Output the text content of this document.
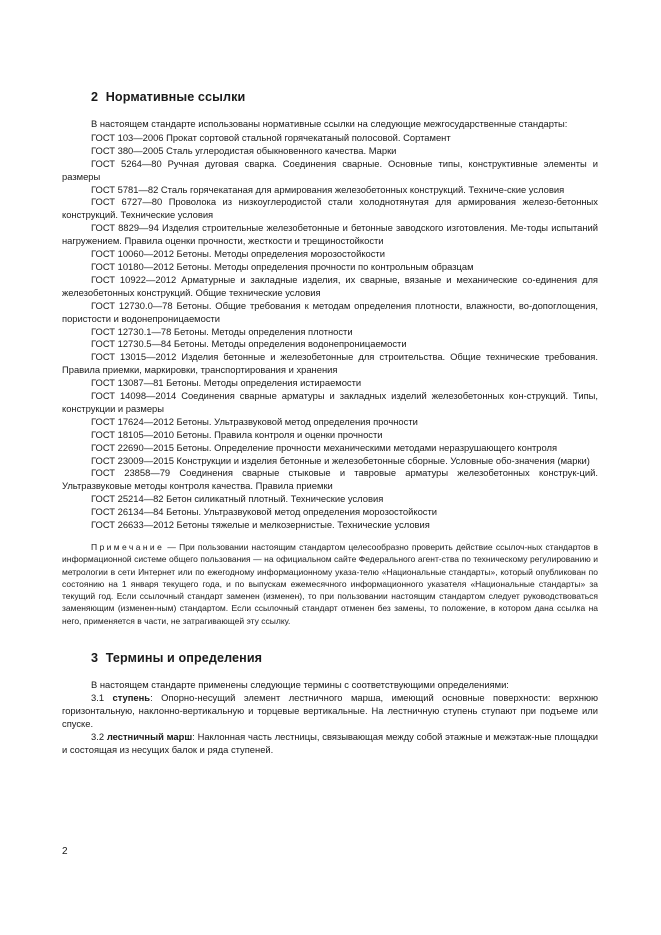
2 Нормативные ссылки

В настоящем стандарте использованы нормативные ссылки на следующие межгосударственные стандарты:

ГОСТ 103—2006 Прокат сортовой стальной горячекатаный полосовой. Сортамент

ГОСТ 380—2005 Сталь углеродистая обыкновенного качества. Марки

ГОСТ 5264—80 Ручная дуговая сварка. Соединения сварные. Основные типы, конструктивные элементы и размеры

ГОСТ 5781—82 Сталь горячекатаная для армирования железобетонных конструкций. Техниче-ские условия

ГОСТ 6727—80 Проволока из низкоуглеродистой стали холоднотянутая для армирования железо-бетонных конструкций. Технические условия

ГОСТ 8829—94 Изделия строительные железобетонные и бетонные заводского изготовления. Ме-тоды испытаний нагружением. Правила оценки прочности, жесткости и трещиностойкости

ГОСТ 10060—2012 Бетоны. Методы определения морозостойкости

ГОСТ 10180—2012 Бетоны. Методы определения прочности по контрольным образцам

ГОСТ 10922—2012 Арматурные и закладные изделия, их сварные, вязаные и механические со-единения для железобетонных конструкций. Общие технические условия

ГОСТ 12730.0—78 Бетоны. Общие требования к методам определения плотности, влажности, во-допоглощения, пористости и водонепроницаемости

ГОСТ 12730.1—78 Бетоны. Методы определения плотности

ГОСТ 12730.5—84 Бетоны. Методы определения водонепроницаемости

ГОСТ 13015—2012 Изделия бетонные и железобетонные для строительства. Общие технические требования. Правила приемки, маркировки, транспортирования и хранения

ГОСТ 13087—81 Бетоны. Методы определения истираемости

ГОСТ 14098—2014 Соединения сварные арматуры и закладных изделий железобетонных кон-струкций. Типы, конструкции и размеры

ГОСТ 17624—2012 Бетоны. Ультразвуковой метод определения прочности

ГОСТ 18105—2010 Бетоны. Правила контроля и оценки прочности

ГОСТ 22690—2015 Бетоны. Определение прочности механическими методами неразрушающего контроля

ГОСТ 23009—2015 Конструкции и изделия бетонные и железобетонные сборные. Условные обо-значения (марки)

ГОСТ 23858—79 Соединения сварные стыковые и тавровые арматуры железобетонных конструк-ций. Ультразвуковые методы контроля качества. Правила приемки

ГОСТ 25214—82 Бетон силикатный плотный. Технические условия

ГОСТ 26134—84 Бетоны. Ультразвуковой метод определения морозостойкости

ГОСТ 26633—2012 Бетоны тяжелые и мелкозернистые. Технические условия

Примечание — При пользовании настоящим стандартом целесообразно проверить действие ссылоч-ных стандартов в информационной системе общего пользования — на официальном сайте Федерального агент-ства по техническому регулированию и метрологии в сети Интернет или по ежегодному информационному указа-телю «Национальные стандарты», который опубликован по состоянию на 1 января текущего года, и по выпускам ежемесячного информационного указателя «Национальные стандарты» за текущий год. Если ссылочный стандарт заменен (изменен), то при пользовании настоящим стандартом следует руководствоваться заменяющим (изменен-ным) стандартом. Если ссылочный стандарт отменен без замены, то положение, в котором дана ссылка на него, применяется в части, не затрагивающей эту ссылку.

3 Термины и определения

В настоящем стандарте применены следующие термины с соответствующими определениями:

3.1 ступень: Опорно-несущий элемент лестничного марша, имеющий основные поверхности: верхнюю горизонтальную, наклонно-вертикальную и торцевые вертикальные. На лестничную ступень ступают при подъеме или спуске.

3.2 лестничный марш: Наклонная часть лестницы, связывающая между собой этажные и межэтаж-ные площадки и состоящая из несущих балок и ряда ступеней.

2
